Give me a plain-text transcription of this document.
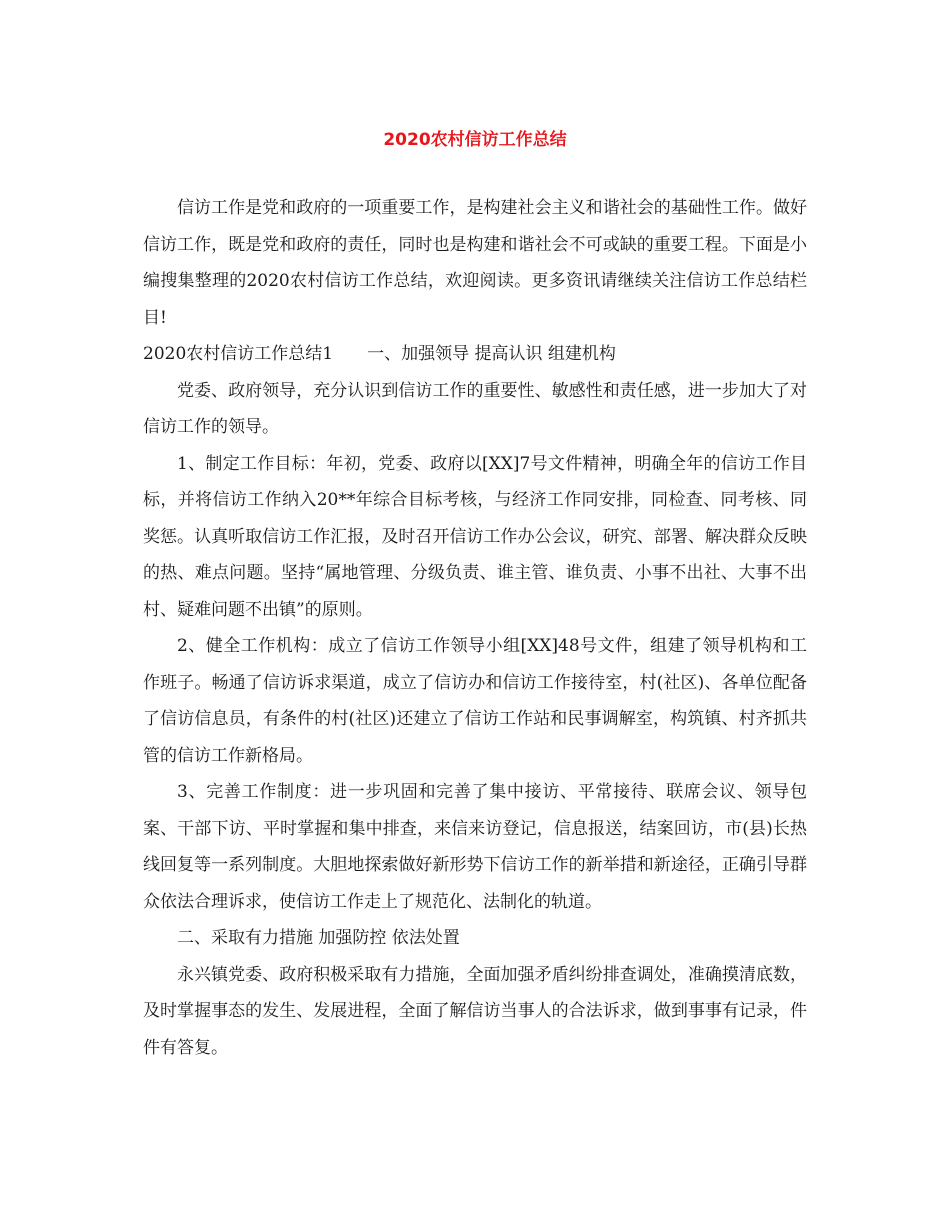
2020农村信访工作总结

信访工作是党和政府的一项重要工作，是构建社会主义和谐社会的基础性工作。做好信访工作，既是党和政府的责任，同时也是构建和谐社会不可或缺的重要工程。下面是小编搜集整理的2020农村信访工作总结，欢迎阅读。更多资讯请继续关注信访工作总结栏目!

2020农村信访工作总结1 一、加强领导 提高认识 组建机构

党委、政府领导，充分认识到信访工作的重要性、敏感性和责任感，进一步加大了对信访工作的领导。

1、制定工作目标：年初，党委、政府以[XX]7号文件精神，明确全年的信访工作目标，并将信访工作纳入20**年综合目标考核，与经济工作同安排，同检查、同考核、同奖惩。认真听取信访工作汇报，及时召开信访工作办公会议，研究、部署、解决群众反映的热、难点问题。坚持“属地管理、分级负责、谁主管、谁负责、小事不出社、大事不出村、疑难问题不出镇”的原则。

2、健全工作机构：成立了信访工作领导小组[XX]48号文件，组建了领导机构和工作班子。畅通了信访诉求渠道，成立了信访办和信访工作接待室，村(社区)、各单位配备了信访信息员，有条件的村(社区)还建立了信访工作站和民事调解室，构筑镇、村齐抓共管的信访工作新格局。

3、完善工作制度：进一步巩固和完善了集中接访、平常接待、联席会议、领导包案、干部下访、平时掌握和集中排查，来信来访登记，信息报送，结案回访，市(县)长热线回复等一系列制度。大胆地探索做好新形势下信访工作的新举措和新途径，正确引导群众依法合理诉求，使信访工作走上了规范化、法制化的轨道。

二、采取有力措施 加强防控 依法处置

永兴镇党委、政府积极采取有力措施，全面加强矛盾纠纷排查调处，准确摸清底数，及时掌握事态的发生、发展进程，全面了解信访当事人的合法诉求，做到事事有记录，件件有答复。
